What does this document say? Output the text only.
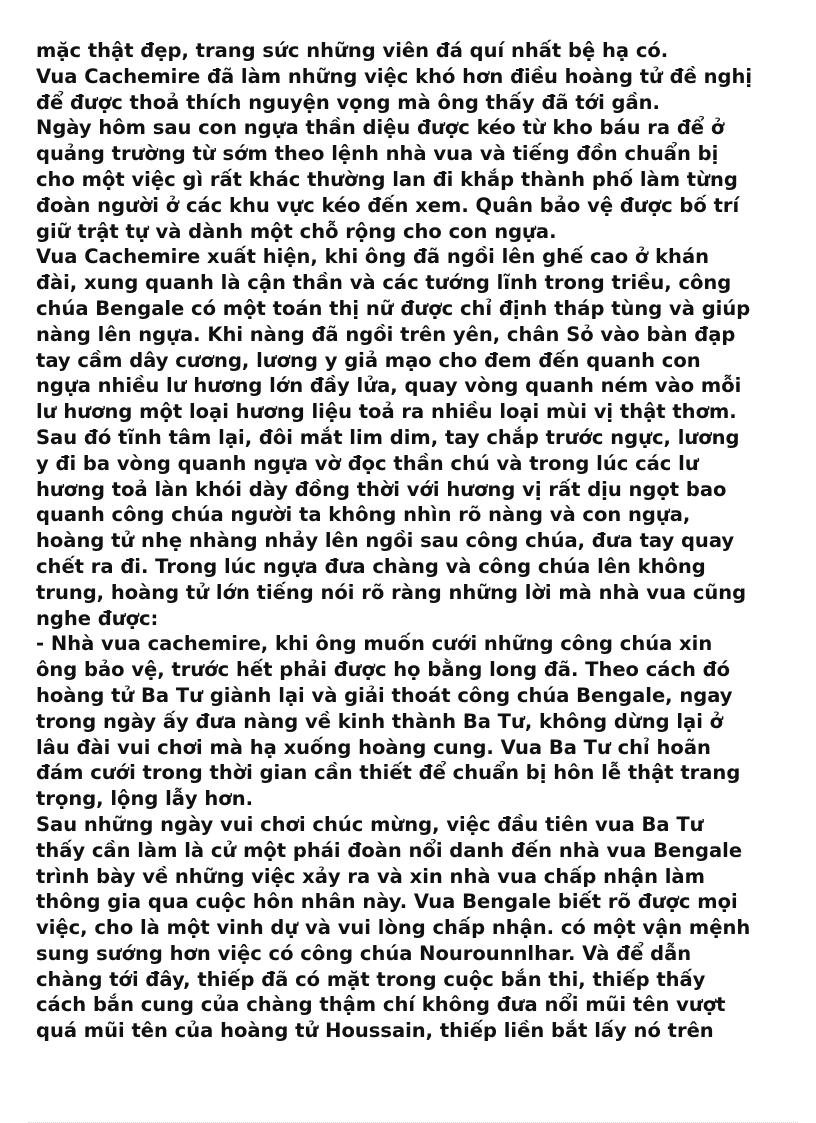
mặc thật đẹp, trang sức những viên đá quí nhất bệ hạ có.
Vua Cachemire đã làm những việc khó hơn điều hoàng tử đề nghị
để được thoả thích nguyện vọng mà ông thấy đã tới gần.
Ngày hôm sau con ngựa thần diệu được kéo từ kho báu ra để ở
quảng trường từ sớm theo lệnh nhà vua và tiếng đồn chuẩn bị
cho một việc gì rất khác thường lan đi khắp thành phố làm từng
đoàn người ở các khu vực kéo đến xem. Quân bảo vệ được bố trí
giữ trật tự và dành một chỗ rộng cho con ngựa.
Vua Cachemire xuất hiện, khi ông đã ngồi lên ghế cao ở khán
đài, xung quanh là cận thần và các tướng lĩnh trong triều, công
chúa Bengale có một toán thị nữ được chỉ định tháp tùng và giúp
nàng lên ngựa. Khi nàng đã ngồi trên yên, chân Sỏ vào bàn đạp
tay cầm dây cương, lương y giả mạo cho đem đến quanh con
ngựa nhiều lư hương lớn đầy lửa, quay vòng quanh ném vào mỗi
lư hương một loại hương liệu toả ra nhiều loại mùi vị thật thơm.
Sau đó tĩnh tâm lại, đôi mắt lim dim, tay chắp trước ngực, lương
y đi ba vòng quanh ngựa vờ đọc thần chú và trong lúc các lư
hương toả làn khói dày đồng thời với hương vị rất dịu ngọt bao
quanh công chúa người ta không nhìn rõ nàng và con ngựa,
hoàng tử nhẹ nhàng nhảy lên ngồi sau công chúa, đưa tay quay
chết ra đi. Trong lúc ngựa đưa chàng và công chúa lên không
trung, hoàng tử lớn tiếng nói rõ ràng những lời mà nhà vua cũng
nghe được:
- Nhà vua cachemire, khi ông muốn cưới những công chúa xin
ông bảo vệ, trước hết phải được họ bằng long đã. Theo cách đó
hoàng tử Ba Tư giành lại và giải thoát công chúa Bengale, ngay
trong ngày ấy đưa nàng về kinh thành Ba Tư, không dừng lại ở
lâu đài vui chơi mà hạ xuống hoàng cung. Vua Ba Tư chỉ hoãn
đám cưới trong thời gian cần thiết để chuẩn bị hôn lễ thật trang
trọng, lộng lẫy hơn.
Sau những ngày vui chơi chúc mừng, việc đầu tiên vua Ba Tư
thấy cần làm là cử một phái đoàn nổi danh đến nhà vua Bengale
trình bày về những việc xảy ra và xin nhà vua chấp nhận làm
thông gia qua cuộc hôn nhân này. Vua Bengale biết rõ được mọi
việc, cho là một vinh dự và vui lòng chấp nhận. có một vận mệnh
sung sướng hơn việc có công chúa Nourounnlhar. Và để dẫn
chàng tới đây, thiếp đã có mặt trong cuộc bắn thi, thiếp thấy
cách bắn cung của chàng thậm chí không đưa nổi mũi tên vượt
quá mũi tên của hoàng tử Houssain, thiếp liền bắt lấy nó trên
